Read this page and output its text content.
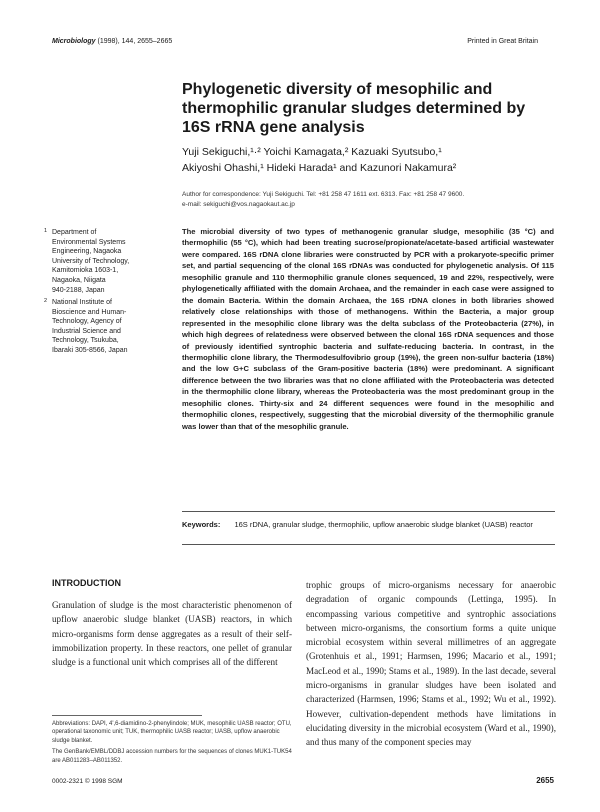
Microbiology (1998), 144, 2655–2665	Printed in Great Britain
Phylogenetic diversity of mesophilic and thermophilic granular sludges determined by 16S rRNA gene analysis
Yuji Sekiguchi,¹·² Yoichi Kamagata,² Kazuaki Syutsubo,¹
Akiyoshi Ohashi,¹ Hideki Harada¹ and Kazunori Nakamura²
Author for correspondence: Yuji Sekiguchi. Tel: +81 258 47 1611 ext. 6313. Fax: +81 258 47 9600.
e-mail: sekiguchi@vos.nagaokaut.ac.jp
1 Department of
Environmental Systems
Engineering, Nagaoka
University of Technology,
Kamitomioka 1603-1,
Nagaoka, Niigata
940-2188, Japan
2 National Institute of
Bioscience and Human-
Technology, Agency of
Industrial Science and
Technology, Tsukuba,
Ibaraki 305-8566, Japan
The microbial diversity of two types of methanogenic granular sludge, mesophilic (35 °C) and thermophilic (55 °C), which had been treating sucrose/propionate/acetate-based artificial wastewater were compared. 16S rDNA clone libraries were constructed by PCR with a prokaryote-specific primer set, and partial sequencing of the clonal 16S rDNAs was conducted for phylogenetic analysis. Of 115 mesophilic granule and 110 thermophilic granule clones sequenced, 19 and 22%, respectively, were phylogenetically affiliated with the domain Archaea, and the remainder in each case were assigned to the domain Bacteria. Within the domain Archaea, the 16S rDNA clones in both libraries showed relatively close relationships with those of methanogens. Within the Bacteria, a major group represented in the mesophilic clone library was the delta subclass of the Proteobacteria (27%), in which high degrees of relatedness were observed between the clonal 16S rDNA sequences and those of previously identified syntrophic bacteria and sulfate-reducing bacteria. In contrast, in the thermophilic clone library, the Thermodesulfovibrio group (19%), the green non-sulfur bacteria (18%) and the low G+C subclass of the Gram-positive bacteria (18%) were predominant. A significant difference between the two libraries was that no clone affiliated with the Proteobacteria was detected in the thermophilic clone library, whereas the Proteobacteria was the most predominant group in the mesophilic clones. Thirty-six and 24 different sequences were found in the mesophilic and thermophilic clones, respectively, suggesting that the microbial diversity of the thermophilic granule was lower than that of the mesophilic granule.
Keywords: 16S rDNA, granular sludge, thermophilic, upflow anaerobic sludge blanket (UASB) reactor
INTRODUCTION

Granulation of sludge is the most characteristic phenomenon of upflow anaerobic sludge blanket (UASB) reactors, in which micro-organisms form dense aggregates as a result of their self-immobilization property. In these reactors, one pellet of granular sludge is a functional unit which comprises all of the different

trophic groups of micro-organisms necessary for anaerobic degradation of organic compounds (Lettinga, 1995). In encompassing various competitive and syntrophic associations between micro-organisms, the consortium forms a quite unique microbial ecosystem within several millimetres of an aggregate (Grotenhuis et al., 1991; Harmsen, 1996; Macario et al., 1991; MacLeod et al., 1990; Stams et al., 1989). In the last decade, several micro-organisms in granular sludges have been isolated and characterized (Harmsen, 1996; Stams et al., 1992; Wu et al., 1992). However, cultivation-dependent methods have limitations in elucidating diversity in the microbial ecosystem (Ward et al., 1990), and thus many of the component species may

Abbreviations: DAPI, 4',6-diamidino-2-phenylindole; MUK, mesophilic UASB reactor; OTU, operational taxonomic unit; TUK, thermophilic UASB reactor; UASB, upflow anaerobic sludge blanket.
The GenBank/EMBL/DDBJ accession numbers for the sequences of clones MUK1-TUK54 are AB011283–AB011352.
0002-2321 © 1998 SGM	2655
